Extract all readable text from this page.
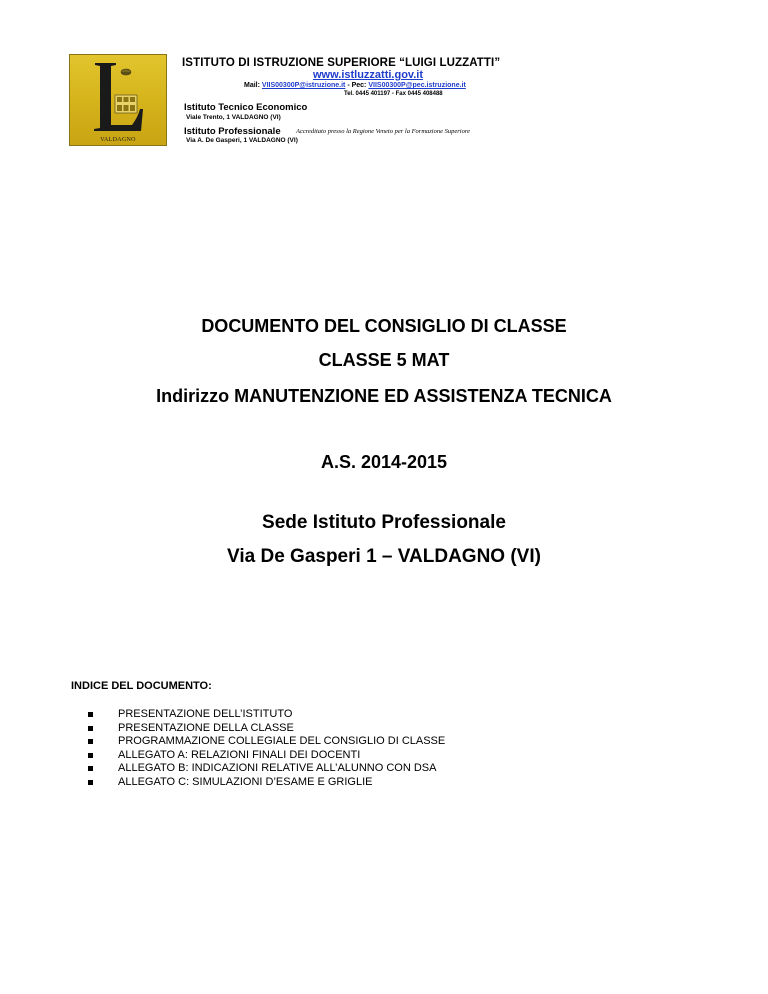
VALDAGNO
ISTITUTO DI ISTRUZIONE SUPERIORE “LUIGI LUZZATTI”
www.istluzzatti.gov.it
Mail: VIIS00300P@istruzione.it - Pec: VIIS00300P@pec.istruzione.it
Tel. 0445 401197 - Fax 0445 408488
Istituto Tecnico Economico
Viale Trento, 1 VALDAGNO (VI)
Istituto Professionale Accreditato presso la Regione Veneto per la Formazione Superiore
Via A. De Gasperi, 1 VALDAGNO (VI)
DOCUMENTO DEL CONSIGLIO DI CLASSE
CLASSE 5 MAT
Indirizzo MANUTENZIONE ED ASSISTENZA TECNICA
A.S. 2014-2015
Sede Istituto Professionale
Via De Gasperi 1 – VALDAGNO (VI)
INDICE DEL DOCUMENTO:
PRESENTAZIONE DELL’ISTITUTO
PRESENTAZIONE DELLA CLASSE
PROGRAMMAZIONE COLLEGIALE DEL CONSIGLIO DI CLASSE
ALLEGATO A: RELAZIONI FINALI DEI DOCENTI
ALLEGATO B: INDICAZIONI RELATIVE ALL’ALUNNO CON DSA
ALLEGATO C: SIMULAZIONI D’ESAME E GRIGLIE
